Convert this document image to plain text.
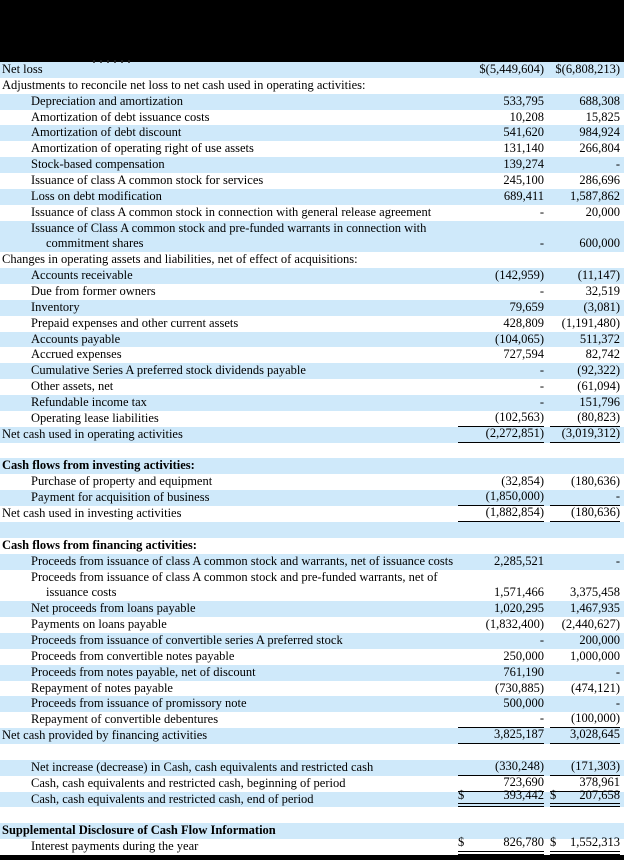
Net loss	$(5,449,604) $(6,808,213)
Adjustments to reconcile net loss to net cash used in operating activities:
Depreciation and amortization	533,795	688,308
Amortization of debt issuance costs	10,208	15,825
Amortization of debt discount	541,620	984,924
Amortization of operating right of use assets	131,140	266,804
Stock-based compensation	139,274	-
Issuance of class A common stock for services	245,100	286,696
Loss on debt modification	689,411	1,587,862
Issuance of class A common stock in connection with general release agreement	-	20,000
Issuance of Class A common stock and pre-funded warrants in connection with
commitment shares	-	600,000
Changes in operating assets and liabilities, net of effect of acquisitions:
Accounts receivable	(142,959)	(11,147)
Due from former owners	-	32,519
Inventory	79,659	(3,081)
Prepaid expenses and other current assets	428,809	(1,191,480)
Accounts payable	(104,065)	511,372
Accrued expenses	727,594	82,742
Cumulative Series A preferred stock dividends payable	-	(92,322)
Other assets, net	-	(61,094)
Refundable income tax	-	151,796
Operating lease liabilities	(102,563)	(80,823)
Net cash used in operating activities	(2,272,851)	(3,019,312)
Cash flows from investing activities:
Purchase of property and equipment	(32,854)	(180,636)
Payment for acquisition of business	(1,850,000)	-
Net cash used in investing activities	(1,882,854)	(180,636)
Cash flows from financing activities:
Proceeds from issuance of class A common stock and warrants, net of issuance costs	2,285,521	-
Proceeds from issuance of class A common stock and pre-funded warrants, net of
issuance costs	1,571,466	3,375,458
Net proceeds from loans payable	1,020,295	1,467,935
Payments on loans payable	(1,832,400)	(2,440,627)
Proceeds from issuance of convertible series A preferred stock	-	200,000
Proceeds from convertible notes payable	250,000	1,000,000
Proceeds from notes payable, net of discount	761,190	-
Repayment of notes payable	(730,885)	(474,121)
Proceeds from issuance of promissory note	500,000	-
Repayment of convertible debentures	-	(100,000)
Net cash provided by financing activities	3,825,187	3,028,645
Net increase (decrease) in Cash, cash equivalents and restricted cash	(330,248)	(171,303)
Cash, cash equivalents and restricted cash, beginning of period	723,690	378,961
Cash, cash equivalents and restricted cash, end of period	$	393,442 $ 207,658
Supplemental Disclosure of Cash Flow Information
Interest payments during the year	$	826,780 $ 1,552,313
